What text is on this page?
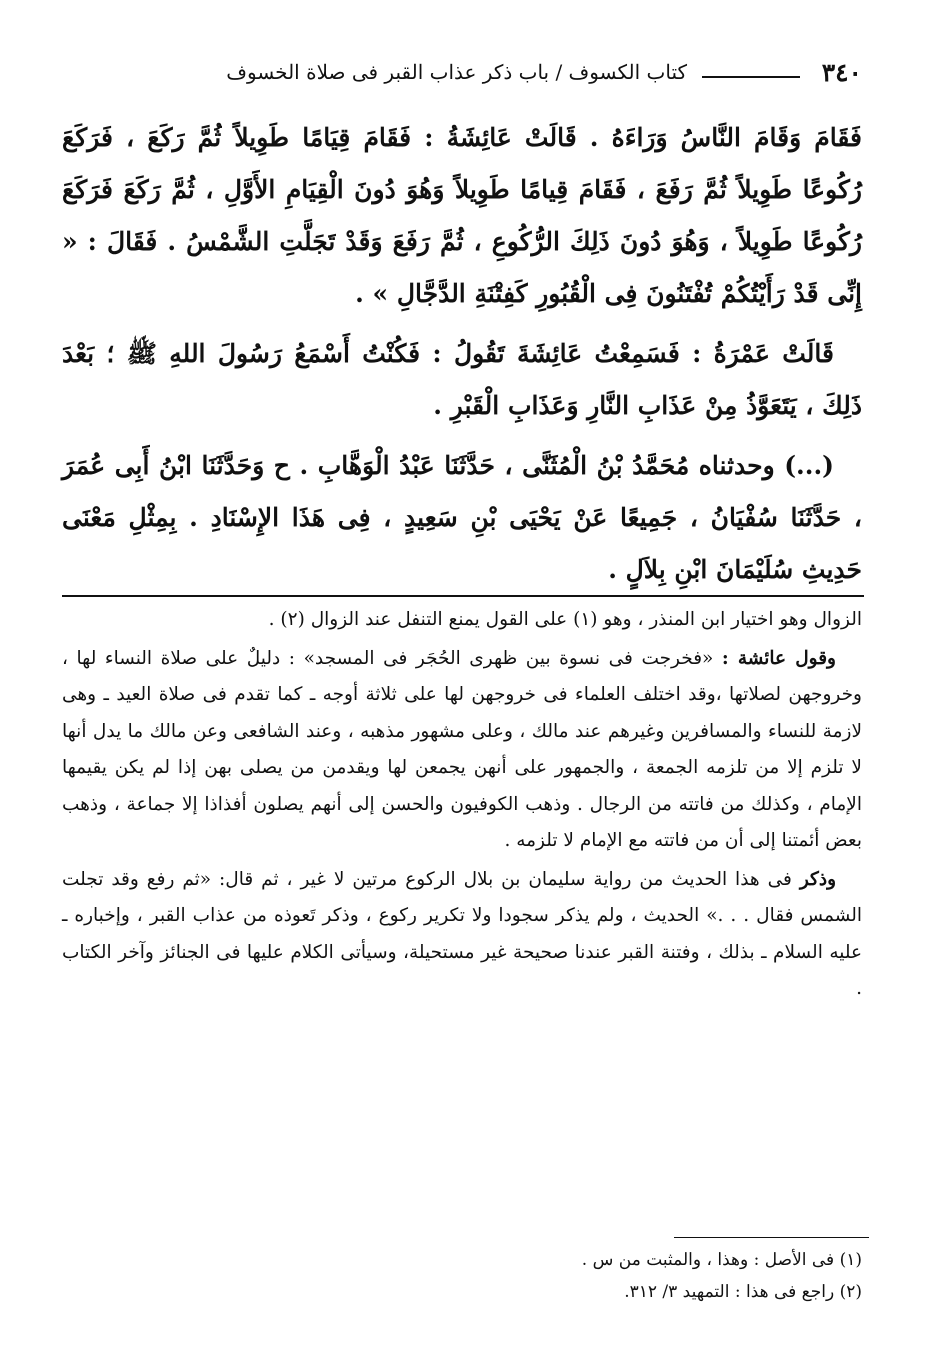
٣٤٠
كتاب الكسوف / باب ذكر عذاب القبر فى صلاة الخسوف

فَقَامَ وَقَامَ النَّاسُ وَرَاءَهُ . قَالَتْ عَائِشَةُ : فَقَامَ قِيَامًا طَوِيلاً ثُمَّ رَكَعَ ، فَرَكَعَ رُكُوعًا طَوِيلاً ثُمَّ رَفَعَ ، فَقَامَ قِيامًا طَوِيلاً وَهُوَ دُونَ الْقِيَامِ الأَوَّلِ ، ثُمَّ رَكَعَ فَرَكَعَ رُكُوعًا طَوِيلاً ، وَهُوَ دُونَ ذَلِكَ الرُّكُوعِ ، ثُمَّ رَفَعَ وَقَدْ تَجَلَّتِ الشَّمْسُ . فَقَالَ : « إِنِّى قَدْ رَأَيْتُكُمْ تُفْتَنُونَ فِى الْقُبُورِ كَفِتْنَةِ الدَّجَّالِ » .

قَالَتْ عَمْرَةُ : فَسَمِعْتُ عَائِشَةَ تَقُولُ : فَكُنْتُ أَسْمَعُ رَسُولَ اللهِ ﷺ ؛ بَعْدَ ذَلِكَ ، يَتَعَوَّذُ مِنْ عَذَابِ النَّارِ وَعَذَابِ الْقَبْرِ .

(...) وحدثناه مُحَمَّدُ بْنُ الْمُثَنَّى ، حَدَّثَنَا عَبْدُ الْوَهَّابِ . ح وَحَدَّثَنَا ابْنُ أَبِى عُمَرَ ، حَدَّثَنَا سُفْيَانُ ، جَمِيعًا عَنْ يَحْيَى بْنِ سَعِيدٍ ، فِى هَذَا الإِسْنَادِ . بِمِثْلِ مَعْنَى حَدِيثِ سُلَيْمَانَ ابْنِ بِلاَلٍ .

الزوال وهو اختيار ابن المنذر ، وهو (١) على القول يمنع التنفل عند الزوال (٢) .

وقول عائشة : «فخرجت فى نسوة بين ظهرى الحُجَر فى المسجد» : دليلٌ على صلاة النساء لها ، وخروجهن لصلاتها ،وقد اختلف العلماء فى خروجهن لها على ثلاثة أوجه ـ كما تقدم فى صلاة العيد ـ وهى لازمة للنساء والمسافرين وغيرهم عند مالك ، وعلى مشهور مذهبه ، وعند الشافعى وعن مالك ما يدل أنها لا تلزم إلا من تلزمه الجمعة ، والجمهور على أنهن يجمعن لها ويقدمن من يصلى بهن إذا لم يكن يقيمها الإمام ، وكذلك من فاتته من الرجال . وذهب الكوفيون والحسن إلى أنهم يصلون أفذاذا إلا جماعة ، وذهب بعض أئمتنا إلى أن من فاتته مع الإمام لا تلزمه .

وذكر فى هذا الحديث من رواية سليمان بن بلال الركوع مرتين لا غير ، ثم قال: «ثم رفع وقد تجلت الشمس فقال . . .» الحديث ، ولم يذكر سجودا ولا تكرير ركوع ، وذكر تَعوذه من عذاب القبر ، وإخباره ـ عليه السلام ـ بذلك ، وفتنة القبر عندنا صحيحة غير مستحيلة، وسيأتى الكلام عليها فى الجنائز وآخر الكتاب .

(١) فى الأصل : وهذا ، والمثبت من س .
(٢) راجع فى هذا : التمهيد ٣/ ٣١٢.
